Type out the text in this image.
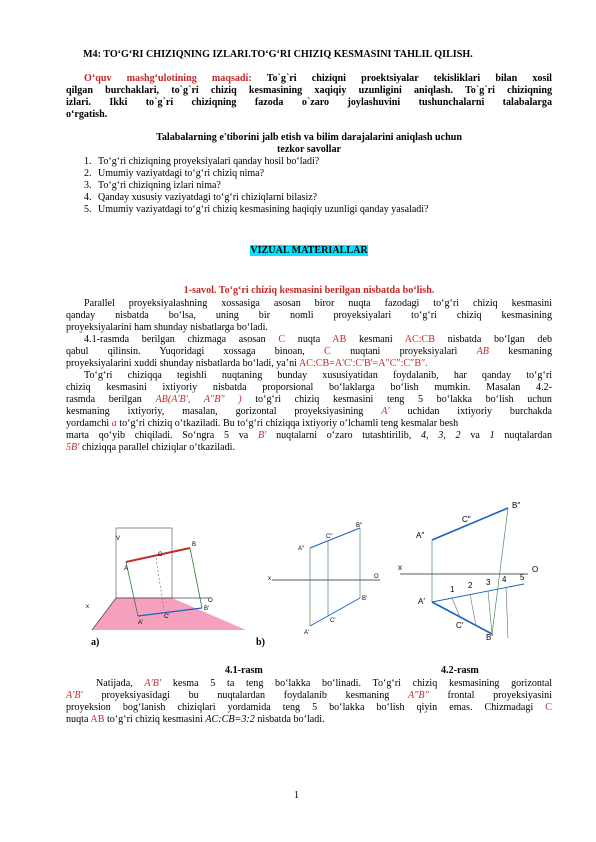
M4: TO‘G‘RI CHIZIQNING IZLARI.TO‘G‘RI CHIZIQ KESMASINI TAHLIL QILISH.
O‘quv mashg‘ulotining maqsadi: To`g`ri chiziqni proektsiyalar tekisliklari bilan xosil
qilgan burchaklari, to`g`ri chiziq kesmasining xaqiqiy uzunligini aniqlash. To`g`ri chiziqning
izlari. Ikki to`g`ri chiziqning fazoda o`zaro joylashuvini tushunchalarni talabalarga
o‘rgatish.
Talabalarning e'tiborini jalb etish va bilim darajalarini aniqlash uchun
tezkor savollar
1. To‘g‘ri chiziqning proyeksiyalari qanday hosil bo‘ladi?
2. Umumiy vaziyatdagi to‘g‘ri chiziq nima?
3. To‘g‘ri chiziqning izlari nima?
4. Qanday xususiy vaziyatdagi to‘g‘ri chiziqlarni bilasiz?
5. Umumiy vaziyatdagi to‘g‘ri chiziq kesmasining haqiqiy uzunligi qanday yasaladi?
VIZUAL MATERIALLAR
1-savol. To‘g‘ri chiziq kesmasini berilgan nisbatda bo‘lish.
Parallel proyeksiyalashning xossasiga asosan biror nuqta fazodagi to‘g‘ri chiziq kesmasini
qanday nisbatda bo‘lsa, uning bir nomli proyeksiyalari to‘g‘ri chiziq kesmasining
proyeksiyalarini ham shunday nisbatlarga bo‘ladi.
4.1-rasmda berilgan chizmaga asosan C nuqta AB kesmani AC:CB nisbatda bo‘lgan deb
qabul qilinsin. Yuqoridagi xossaga binoan, C nuqtani proyeksiyalari AB kesmaning
proyeksiyalarini xuddi shunday nisbatlarda bo‘ladi, ya’ni AC:CB=A'C':C'B'=A″C″:C″B″.
To‘g‘ri chiziqqa tegishli nuqtaning bunday xususiyatidan foydalanib, har qanday to‘g‘ri
chiziq kesmasini ixtiyoriy nisbatda proporsional bo‘laklarga bo‘lish mumkin. Masalan 4.2-
rasmda berilgan AB(A'B′, A″B″ ) to‘g‘ri chiziq kesmasini teng 5 bo‘lakka bo‘lish uchun
kesmaning ixtiyoriy, masalan, gorizontal proyeksiyasining A′ uchidan ixtiyoriy burchakda
yordamchi a to‘g‘ri chiziq o‘tkaziladi. Bu to‘g‘ri chiziqqa ixtiyoriy o‘lchamli teng kesmalar besh
marta qo‘yib chiqiladi. So‘ngra 5 va B′ nuqtalarni o‘zaro tutashtirilib, 4, 3, 2 va 1 nuqtalardan
5B′ chiziqqa parallel chiziqlar o‘tkaziladi.
V
A
B
C
B′
A′
C′
O
x
a)
A″
B″
C″
B′
A′
C′
x	O
b)
A″
B″
C″
A′
B′
C′
x	O
1 2 3 4 5
4.1-rasm	4.2-rasm
Natijada, A′B′ kesma 5 ta teng bo‘lakka bo‘linadi. To‘g‘ri chiziq kesmasining gorizontal
A′B′ proyeksiyasidagi bu nuqtalardan foydalanib kesmaning A″B″ frontal proyeksiyasini
proyeksion bog‘lanish chiziqlari yordamida teng 5 bo‘lakka bo‘lish qiyin emas. Chizmadagi C
nuqta AB to‘g‘ri chiziq kesmasini AC:CB=3:2 nisbatda bo‘ladi.
1
